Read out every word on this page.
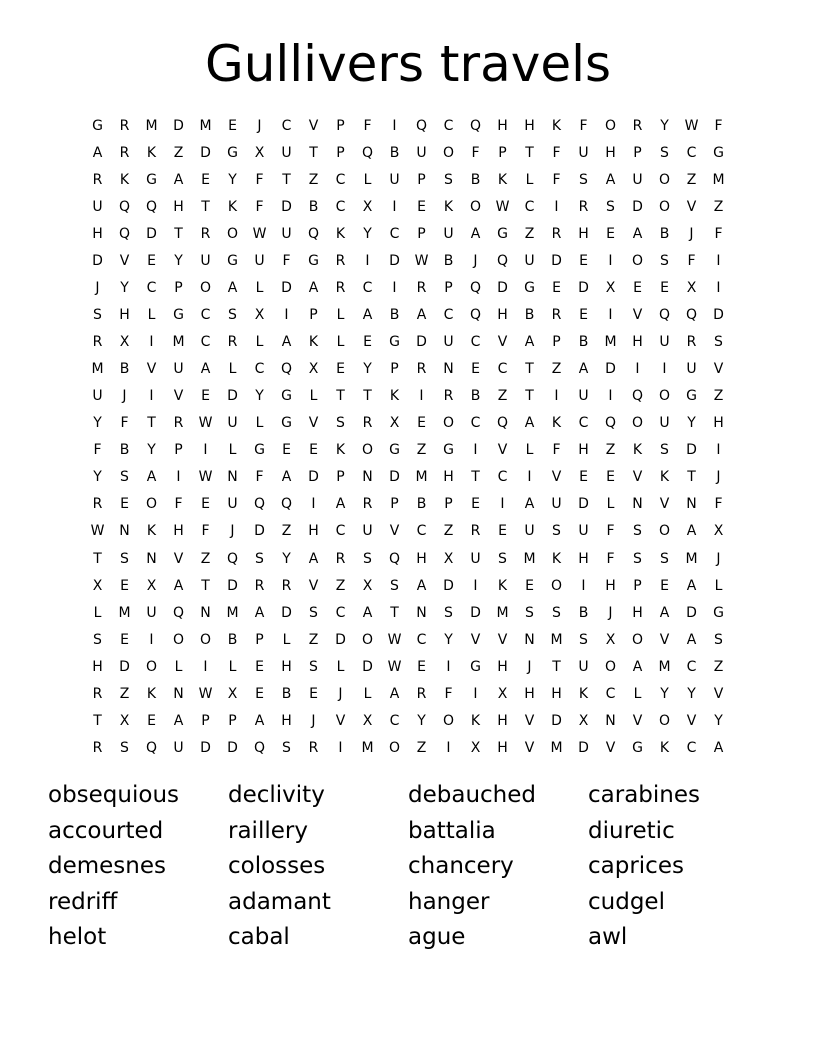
Gullivers travels
G	R	M	D	M	E	J	C	V	P	F	I	Q	C	Q	H	H	K	F	O	R	Y	W	F
A	R	K	Z	D	G	X	U	T	P	Q	B	U	O	F	P	T	F	U	H	P	S	C	G
R	K	G	A	E	Y	F	T	Z	C	L	U	P	S	B	K	L	F	S	A	U	O	Z	M
U	Q	Q	H	T	K	F	D	B	C	X	I	E	K	O	W	C	I	R	S	D	O	V	Z
H	Q	D	T	R	O	W	U	Q	K	Y	C	P	U	A	G	Z	R	H	E	A	B	J	F
D	V	E	Y	U	G	U	F	G	R	I	D	W	B	J	Q	U	D	E	I	O	S	F	I
J	Y	C	P	O	A	L	D	A	R	C	I	R	P	Q	D	G	E	D	X	E	E	X	I
S	H	L	G	C	S	X	I	P	L	A	B	A	C	Q	H	B	R	E	I	V	Q	Q	D
R	X	I	M	C	R	L	A	K	L	E	G	D	U	C	V	A	P	B	M	H	U	R	S
M	B	V	U	A	L	C	Q	X	E	Y	P	R	N	E	C	T	Z	A	D	I	I	U	V
U	J	I	V	E	D	Y	G	L	T	T	K	I	R	B	Z	T	I	U	I	Q	O	G	Z
Y	F	T	R	W	U	L	G	V	S	R	X	E	O	C	Q	A	K	C	Q	O	U	Y	H
F	B	Y	P	I	L	G	E	E	K	O	G	Z	G	I	V	L	F	H	Z	K	S	D	I
Y	S	A	I	W	N	F	A	D	P	N	D	M	H	T	C	I	V	E	E	V	K	T	J
R	E	O	F	E	U	Q	Q	I	A	R	P	B	P	E	I	A	U	D	L	N	V	N	F
W	N	K	H	F	J	D	Z	H	C	U	V	C	Z	R	E	U	S	U	F	S	O	A	X
T	S	N	V	Z	Q	S	Y	A	R	S	Q	H	X	U	S	M	K	H	F	S	S	M	J
X	E	X	A	T	D	R	R	V	Z	X	S	A	D	I	K	E	O	I	H	P	E	A	L
L	M	U	Q	N	M	A	D	S	C	A	T	N	S	D	M	S	S	B	J	H	A	D	G
S	E	I	O	O	B	P	L	Z	D	O	W	C	Y	V	V	N	M	S	X	O	V	A	S
H	D	O	L	I	L	E	H	S	L	D	W	E	I	G	H	J	T	U	O	A	M	C	Z
R	Z	K	N	W	X	E	B	E	J	L	A	R	F	I	X	H	H	K	C	L	Y	Y	V
T	X	E	A	P	P	A	H	J	V	X	C	Y	O	K	H	V	D	X	N	V	O	V	Y
R	S	Q	U	D	D	Q	S	R	I	M	O	Z	I	X	H	V	M	D	V	G	K	C	A
obsequious	declivity	debauched	carabines
accourted	raillery	battalia	diuretic
demesnes	colosses	chancery	caprices
redriff	adamant	hanger	cudgel
helot	cabal	ague	awl
